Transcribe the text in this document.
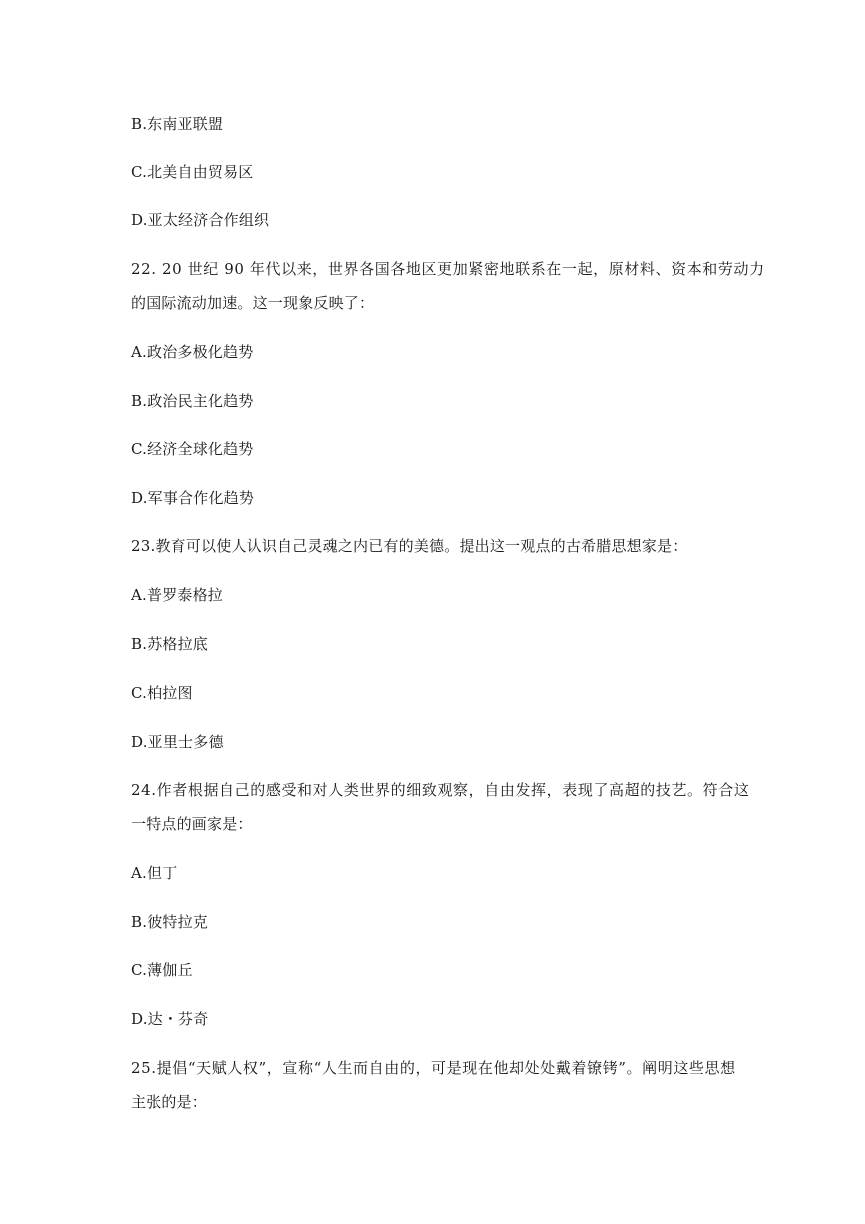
B.东南亚联盟
C.北美自由贸易区
D.亚太经济合作组织
22. 20 世纪 90 年代以来，世界各国各地区更加紧密地联系在一起，原材料、资本和劳动力
的国际流动加速。这一现象反映了：
A.政治多极化趋势
B.政治民主化趋势
C.经济全球化趋势
D.军事合作化趋势
23.教育可以使人认识自己灵魂之内已有的美德。提出这一观点的古希腊思想家是：
A.普罗泰格拉
B.苏格拉底
C.柏拉图
D.亚里士多德
24.作者根据自己的感受和对人类世界的细致观察，自由发挥，表现了高超的技艺。符合这
一特点的画家是：
A.但丁
B.彼特拉克
C.薄伽丘
D.达・芬奇
25.提倡“天赋人权”，宣称“人生而自由的，可是现在他却处处戴着镣铐”。阐明这些思想
主张的是：
